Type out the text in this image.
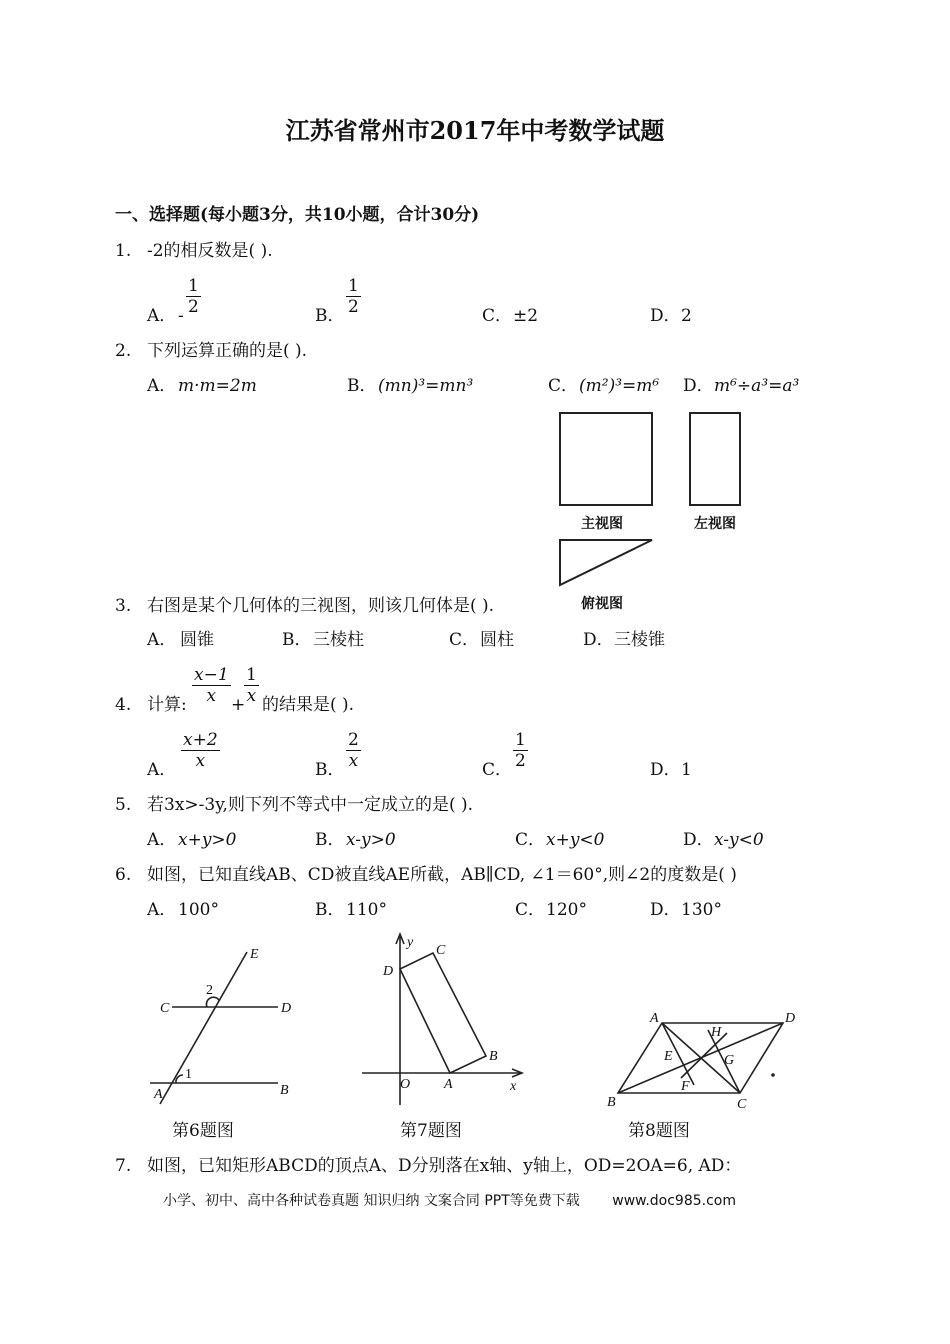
江苏省常州市2017年中考数学试题
一、选择题(每小题3分，共10小题，合计30分)
1. -2的相反数是( ).
A． - $\frac{1}{2}$	B． $\frac{1}{2}$	C． ±2	D． 2
2. 下列运算正确的是( ).
A． m·m=2m	B． (mn)³=mn³	C． (m²)³=m⁶ D． m⁶÷a³=a³
主视图	左视图
俯视图
3. 右图是某个几何体的三视图，则该几何体是( ).
A． 圆锥	B． 三棱柱	C． 圆柱	D． 三棱锥
4. 计算: $\frac{x-1}{x}$ +
$\frac{1}{x}$ 的结果是( ).
A． $\frac{x+2}{x}$	B． $\frac{2}{x}$	C． $\frac{1}{2}$	D． 1
5. 若3x>-3y,则下列不等式中一定成立的是( ).
A． x+y>0	B． x-y>0	C． x+y<0	D． x-y<0
6. 如图，已知直线AB、CD被直线AE所截，AB∥CD, ∠1＝60°,则∠2的度数是( )
A． 100°	B． 110°	C． 120°	D． 130°
E
C	D
A	B
1
2
y
x
O A
B
C
D
A	D
B	C
E
F
G
H
第6题图	第7题图	第8题图
7. 如图，已知矩形ABCD的顶点A、D分别落在x轴、y轴上，OD=2OA=6, AD：
小学、初中、高中各种试卷真题 知识归纳 文案合同 PPT等免费下载 www.doc985.com
